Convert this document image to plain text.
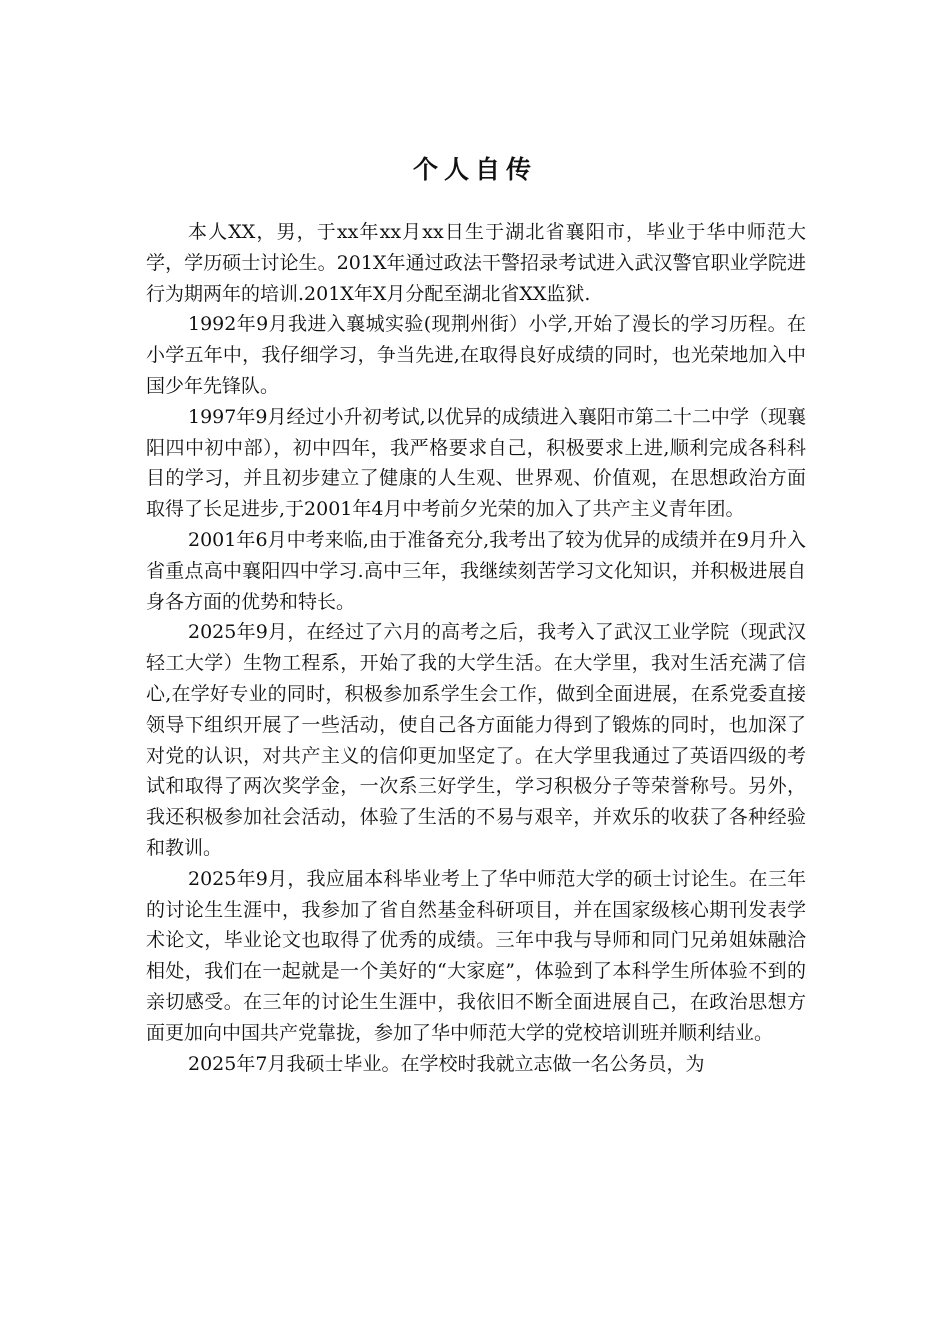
个人自传

本人XX，男，于xx年xx月xx日生于湖北省襄阳市，毕业于华中师范大学，学历硕士讨论生。201X年通过政法干警招录考试进入武汉警官职业学院进行为期两年的培训.201X年X月分配至湖北省XX监狱.

1992年9月我进入襄城实验(现荆州街）小学,开始了漫长的学习历程。在小学五年中，我仔细学习，争当先进,在取得良好成绩的同时，也光荣地加入中国少年先锋队。

1997年9月经过小升初考试,以优异的成绩进入襄阳市第二十二中学（现襄阳四中初中部），初中四年，我严格要求自己，积极要求上进,顺利完成各科科目的学习，并且初步建立了健康的人生观、世界观、价值观，在思想政治方面取得了长足进步,于2001年4月中考前夕光荣的加入了共产主义青年团。

2001年6月中考来临,由于准备充分,我考出了较为优异的成绩并在9月升入省重点高中襄阳四中学习.高中三年，我继续刻苦学习文化知识，并积极进展自身各方面的优势和特长。

2025年9月，在经过了六月的高考之后，我考入了武汉工业学院（现武汉轻工大学）生物工程系，开始了我的大学生活。在大学里，我对生活充满了信心,在学好专业的同时，积极参加系学生会工作，做到全面进展，在系党委直接领导下组织开展了一些活动，使自己各方面能力得到了锻炼的同时，也加深了对党的认识，对共产主义的信仰更加坚定了。在大学里我通过了英语四级的考试和取得了两次奖学金，一次系三好学生，学习积极分子等荣誉称号。另外，我还积极参加社会活动，体验了生活的不易与艰辛，并欢乐的收获了各种经验和教训。

2025年9月，我应届本科毕业考上了华中师范大学的硕士讨论生。在三年的讨论生生涯中，我参加了省自然基金科研项目，并在国家级核心期刊发表学术论文，毕业论文也取得了优秀的成绩。三年中我与导师和同门兄弟姐妹融洽相处，我们在一起就是一个美好的“大家庭”，体验到了本科学生所体验不到的亲切感受。在三年的讨论生生涯中，我依旧不断全面进展自己，在政治思想方面更加向中国共产党靠拢，参加了华中师范大学的党校培训班并顺利结业。

2025年7月我硕士毕业。在学校时我就立志做一名公务员，为
